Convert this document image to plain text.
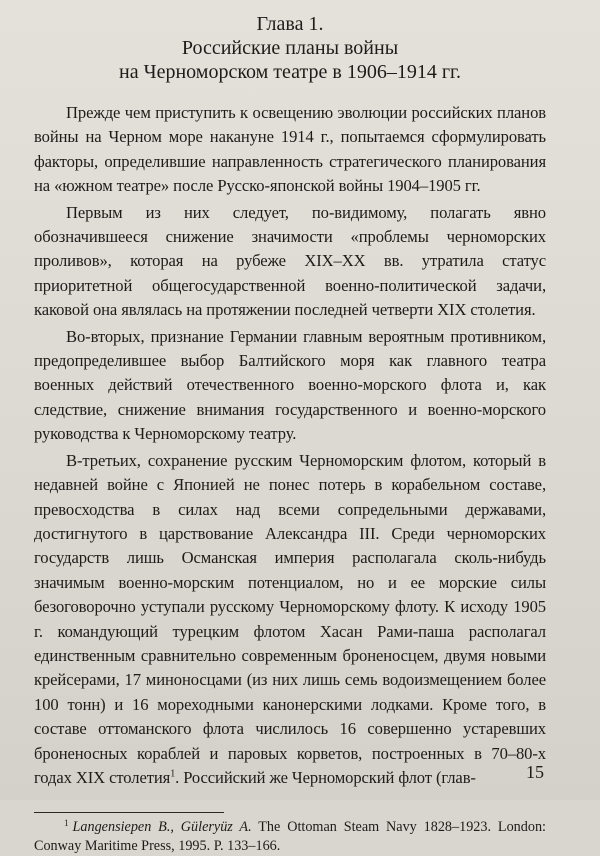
Глава 1.
Российские планы войны
на Черноморском театре в 1906–1914 гг.

Прежде чем приступить к освещению эволюции российских планов войны на Черном море накануне 1914 г., попытаемся сформулировать факторы, определившие направленность стратегического планирования на «южном театре» после Русско-японской войны 1904–1905 гг.

Первым из них следует, по-видимому, полагать явно обозначившееся снижение значимости «проблемы черноморских проливов», которая на рубеже XIX–XX вв. утратила статус приоритетной общегосударственной военно-политической задачи, каковой она являлась на протяжении последней четверти XIX столетия.

Во-вторых, признание Германии главным вероятным противником, предопределившее выбор Балтийского моря как главного театра военных действий отечественного военно-морского флота и, как следствие, снижение внимания государственного и военно-морского руководства к Черноморскому театру.

В-третьих, сохранение русским Черноморским флотом, который в недавней войне с Японией не понес потерь в корабельном составе, превосходства в силах над всеми сопредельными державами, достигнутого в царствование Александра III. Среди черноморских государств лишь Османская империя располагала сколь-нибудь значимым военно-морским потенциалом, но и ее морские силы безоговорочно уступали русскому Черноморскому флоту. К исходу 1905 г. командующий турецким флотом Хасан Рами-паша располагал единственным сравнительно современным броненосцем, двумя новыми крейсерами, 17 миноносцами (из них лишь семь водоизмещением более 100 тонн) и 16 мореходными канонерскими лодками. Кроме того, в составе оттоманского флота числилось 16 совершенно устаревших броненосных кораблей и паровых корветов, построенных в 70–80-х годах XIX столетия$^1$. Российский же Черноморский флот (глав-

$^1$ Langensiepen B., Güleryüz A. The Ottoman Steam Navy 1828–1923. London: Conway Maritime Press, 1995. P. 133–166.
15
